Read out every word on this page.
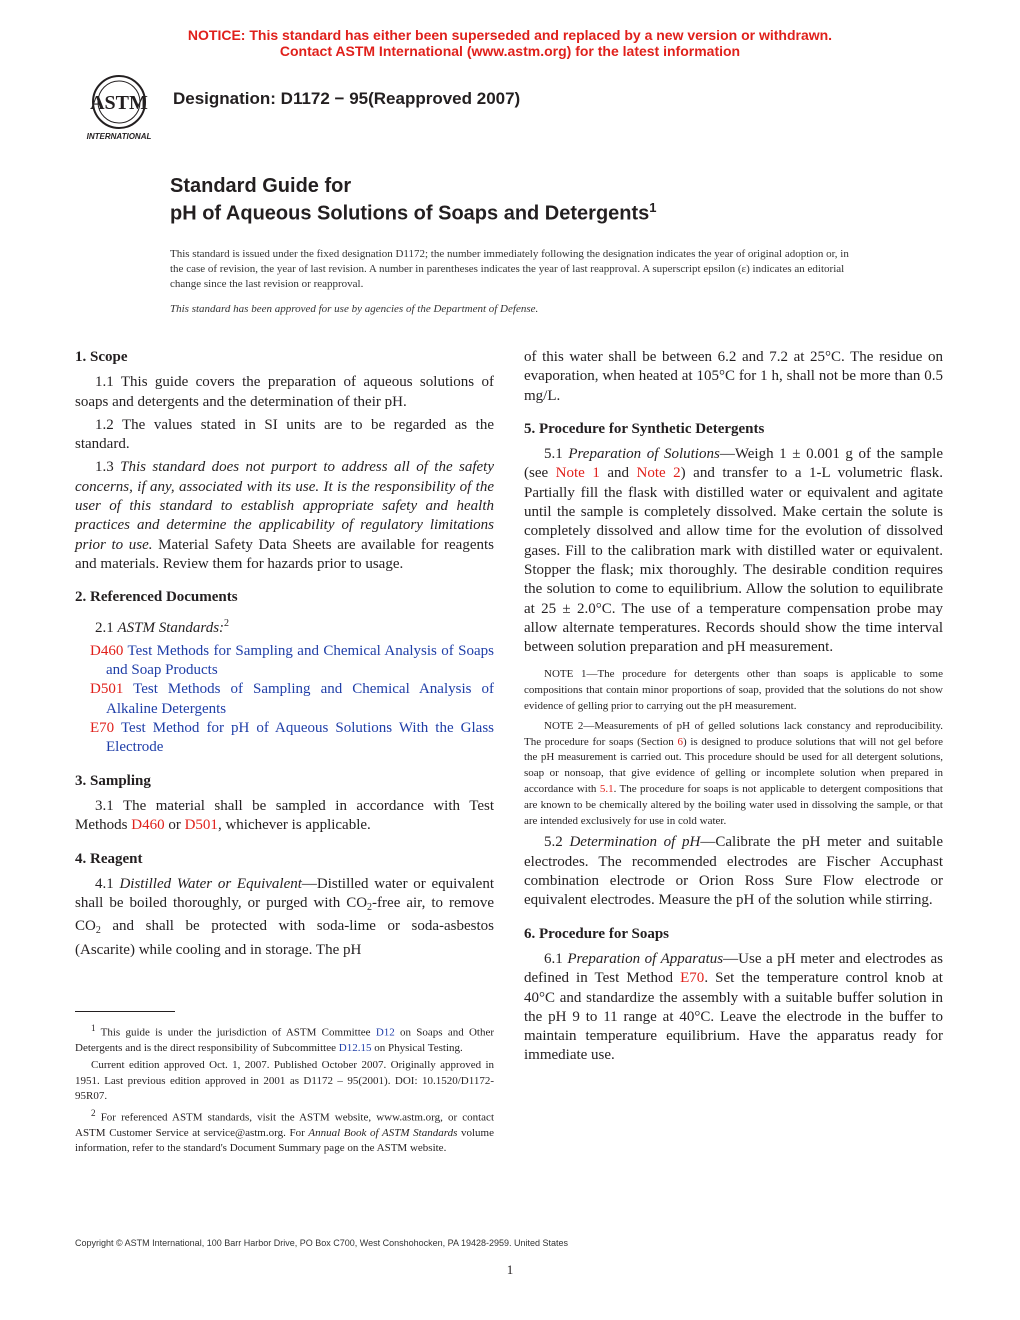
NOTICE: This standard has either been superseded and replaced by a new version or withdrawn.
Contact ASTM International (www.astm.org) for the latest information
ASTM
INTERNATIONAL
Designation: D1172 − 95(Reapproved 2007)
Standard Guide for
pH of Aqueous Solutions of Soaps and Detergents$^1$
This standard is issued under the fixed designation D1172; the number immediately following the designation indicates the year of original adoption or, in the case of revision, the year of last revision. A number in parentheses indicates the year of last reapproval. A superscript epsilon (ε) indicates an editorial change since the last revision or reapproval.
This standard has been approved for use by agencies of the Department of Defense.
1. Scope

1.1 This guide covers the preparation of aqueous solutions of soaps and detergents and the determination of their pH.

1.2 The values stated in SI units are to be regarded as the standard.

1.3 This standard does not purport to address all of the safety concerns, if any, associated with its use. It is the responsibility of the user of this standard to establish appropriate safety and health practices and determine the applicability of regulatory limitations prior to use. Material Safety Data Sheets are available for reagents and materials. Review them for hazards prior to usage.

2. Referenced Documents

2.1 ASTM Standards:$^2$

D460 Test Methods for Sampling and Chemical Analysis of Soaps and Soap Products
D501 Test Methods of Sampling and Chemical Analysis of Alkaline Detergents
E70 Test Method for pH of Aqueous Solutions With the Glass Electrode
3. Sampling

3.1 The material shall be sampled in accordance with Test Methods D460 or D501, whichever is applicable.

4. Reagent

4.1 Distilled Water or Equivalent—Distilled water or equivalent shall be boiled thoroughly, or purged with $CO_2$-free air, to remove $CO_2$ and shall be protected with soda-lime or soda-asbestos (Ascarite) while cooling and in storage. The pH

of this water shall be between 6.2 and 7.2 at 25°C. The residue on evaporation, when heated at 105°C for 1 h, shall not be more than 0.5 mg/L.

5. Procedure for Synthetic Detergents

5.1 Preparation of Solutions—Weigh 1 ± 0.001 g of the sample (see Note 1 and Note 2) and transfer to a 1-L volumetric flask. Partially fill the flask with distilled water or equivalent and agitate until the sample is completely dissolved. Make certain the solute is completely dissolved and allow time for the evolution of dissolved gases. Fill to the calibration mark with distilled water or equivalent. Stopper the flask; mix thoroughly. The desirable condition requires the solution to come to equilibrium. Allow the solution to equilibrate at 25 ± 2.0°C. The use of a temperature compensation probe may allow alternate temperatures. Records should show the time interval between solution preparation and pH measurement.

NOTE 1—The procedure for detergents other than soaps is applicable to some compositions that contain minor proportions of soap, provided that the solutions do not show evidence of gelling prior to carrying out the pH measurement.

NOTE 2—Measurements of pH of gelled solutions lack constancy and reproducibility. The procedure for soaps (Section 6) is designed to produce solutions that will not gel before the pH measurement is carried out. This procedure should be used for all detergent solutions, soap or nonsoap, that give evidence of gelling or incomplete solution when prepared in accordance with 5.1. The procedure for soaps is not applicable to detergent compositions that are known to be chemically altered by the boiling water used in dissolving the sample, or that are intended exclusively for use in cold water.

5.2 Determination of pH—Calibrate the pH meter and suitable electrodes. The recommended electrodes are Fischer Accuphast combination electrode or Orion Ross Sure Flow electrode or equivalent electrodes. Measure the pH of the solution while stirring.

6. Procedure for Soaps

6.1 Preparation of Apparatus—Use a pH meter and electrodes as defined in Test Method E70. Set the temperature control knob at 40°C and standardize the assembly with a suitable buffer solution in the pH 9 to 11 range at 40°C. Leave the electrode in the buffer to maintain temperature equilibrium. Have the apparatus ready for immediate use.

$^1$ This guide is under the jurisdiction of ASTM Committee D12 on Soaps and Other Detergents and is the direct responsibility of Subcommittee D12.15 on Physical Testing.

Current edition approved Oct. 1, 2007. Published October 2007. Originally approved in 1951. Last previous edition approved in 2001 as D1172 – 95(2001). DOI: 10.1520/D1172-95R07.

$^2$ For referenced ASTM standards, visit the ASTM website, www.astm.org, or contact ASTM Customer Service at service@astm.org. For Annual Book of ASTM Standards volume information, refer to the standard's Document Summary page on the ASTM website.

Copyright © ASTM International, 100 Barr Harbor Drive, PO Box C700, West Conshohocken, PA 19428-2959. United States
1
